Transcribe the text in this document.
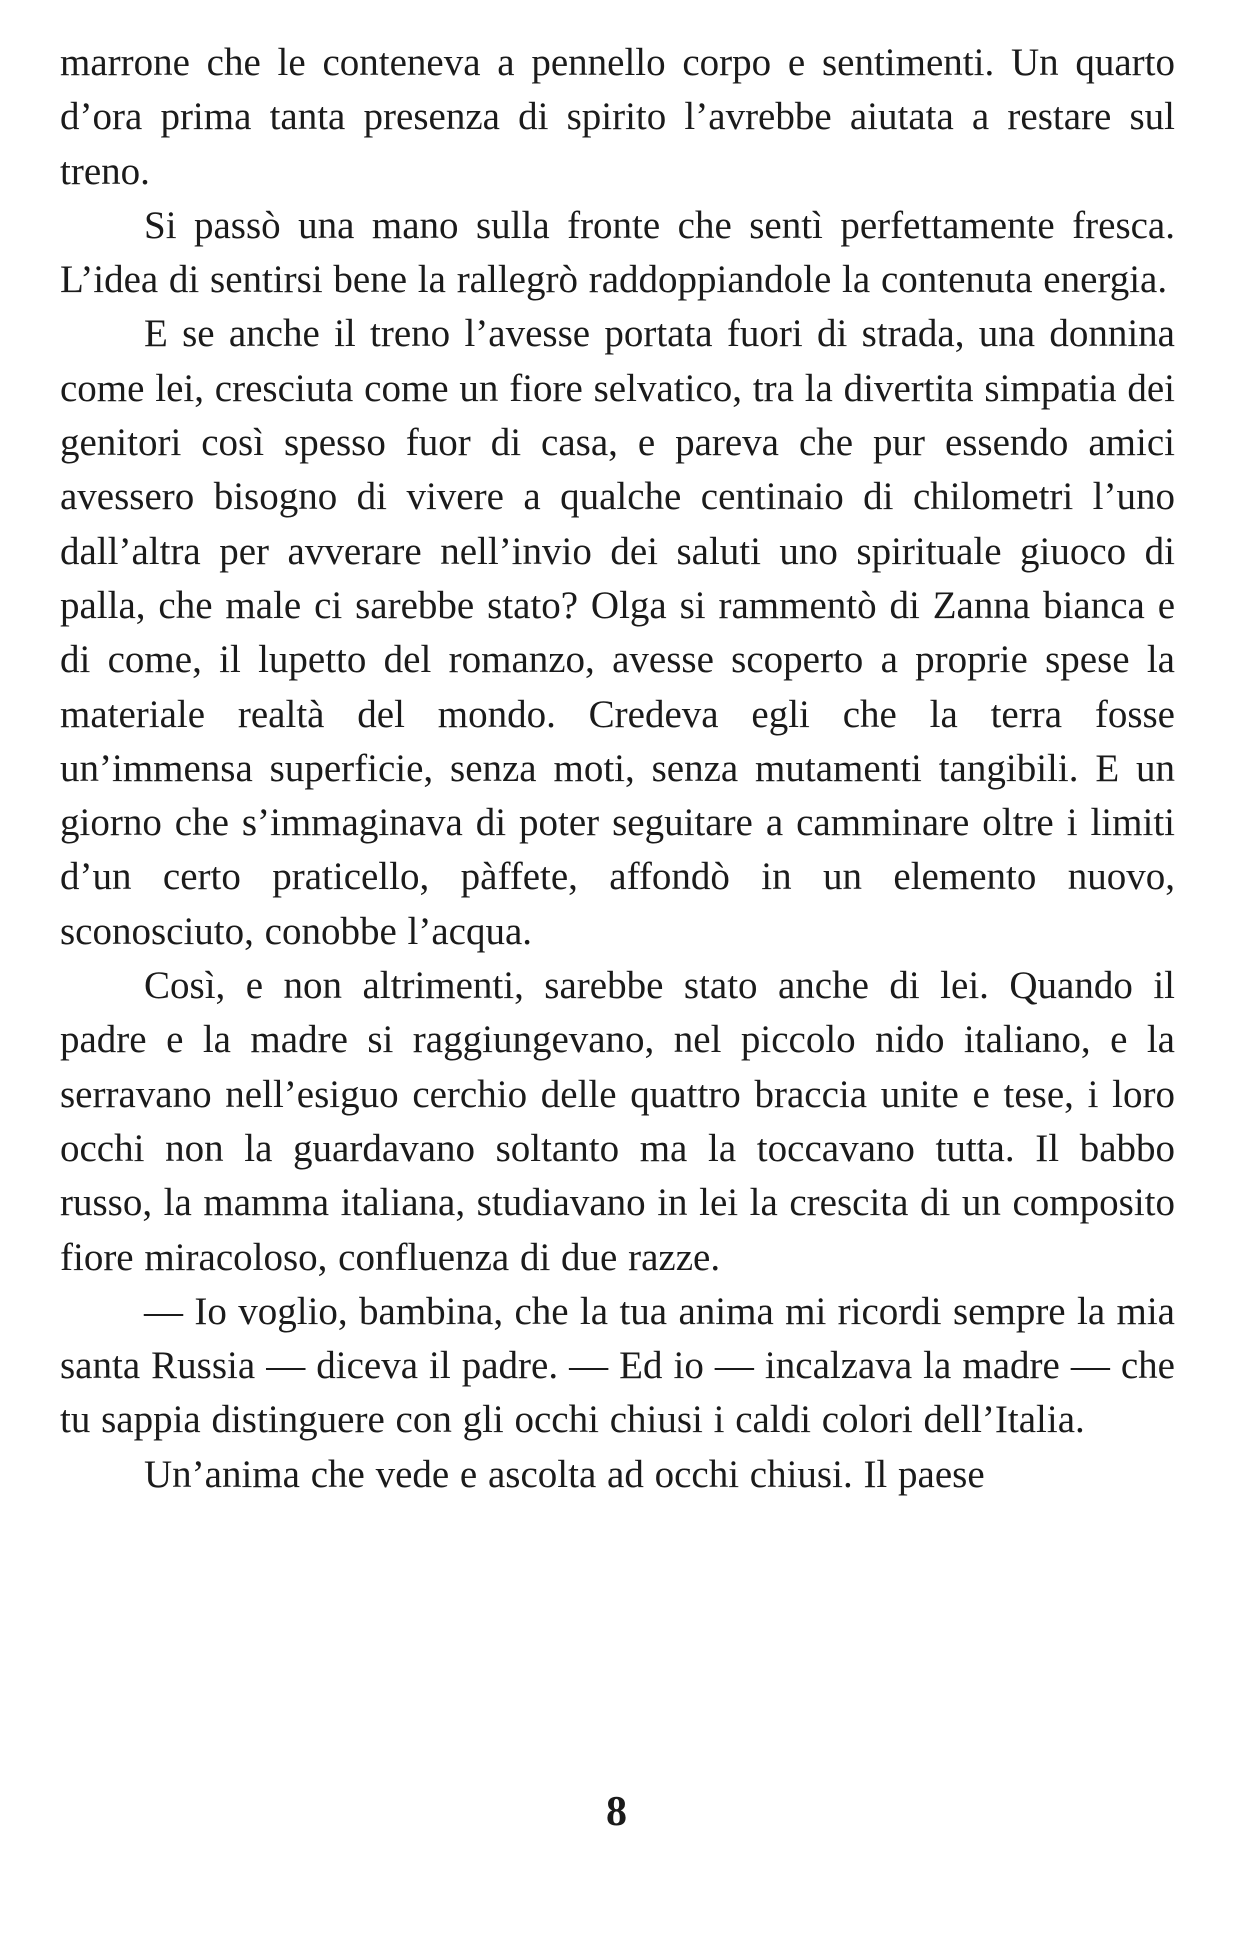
marrone che le conteneva a pennello corpo e sentimenti. Un quarto d’ora prima tanta presenza di spirito l’avrebbe aiutata a restare sul treno.

Si passò una mano sulla fronte che sentì perfettamente fresca. L’idea di sentirsi bene la rallegrò raddoppiandole la contenuta energia.

E se anche il treno l’avesse portata fuori di strada, una donnina come lei, cresciuta come un fiore selvatico, tra la divertita simpatia dei genitori così spesso fuor di casa, e pareva che pur essendo amici avessero bisogno di vivere a qualche centinaio di chilometri l’uno dall’altra per avverare nell’invio dei saluti uno spirituale giuoco di palla, che male ci sarebbe stato? Olga si rammentò di Zanna bianca e di come, il lupetto del romanzo, avesse scoperto a proprie spese la materiale realtà del mondo. Credeva egli che la terra fosse un’immensa superficie, senza moti, senza mutamenti tangibili. E un giorno che s’immaginava di poter seguitare a camminare oltre i limiti d’un certo praticello, pàffete, affondò in un elemento nuovo, sconosciuto, conobbe l’acqua.

Così, e non altrimenti, sarebbe stato anche di lei. Quando il padre e la madre si raggiungevano, nel piccolo nido italiano, e la serravano nell’esiguo cerchio delle quattro braccia unite e tese, i loro occhi non la guardavano soltanto ma la toccavano tutta. Il babbo russo, la mamma italiana, studiavano in lei la crescita di un composito fiore miracoloso, confluenza di due razze.

— Io voglio, bambina, che la tua anima mi ricordi sempre la mia santa Russia — diceva il padre. — Ed io — incalzava la madre — che tu sappia distinguere con gli occhi chiusi i caldi colori dell’Italia.

Un’anima che vede e ascolta ad occhi chiusi. Il paese

8
